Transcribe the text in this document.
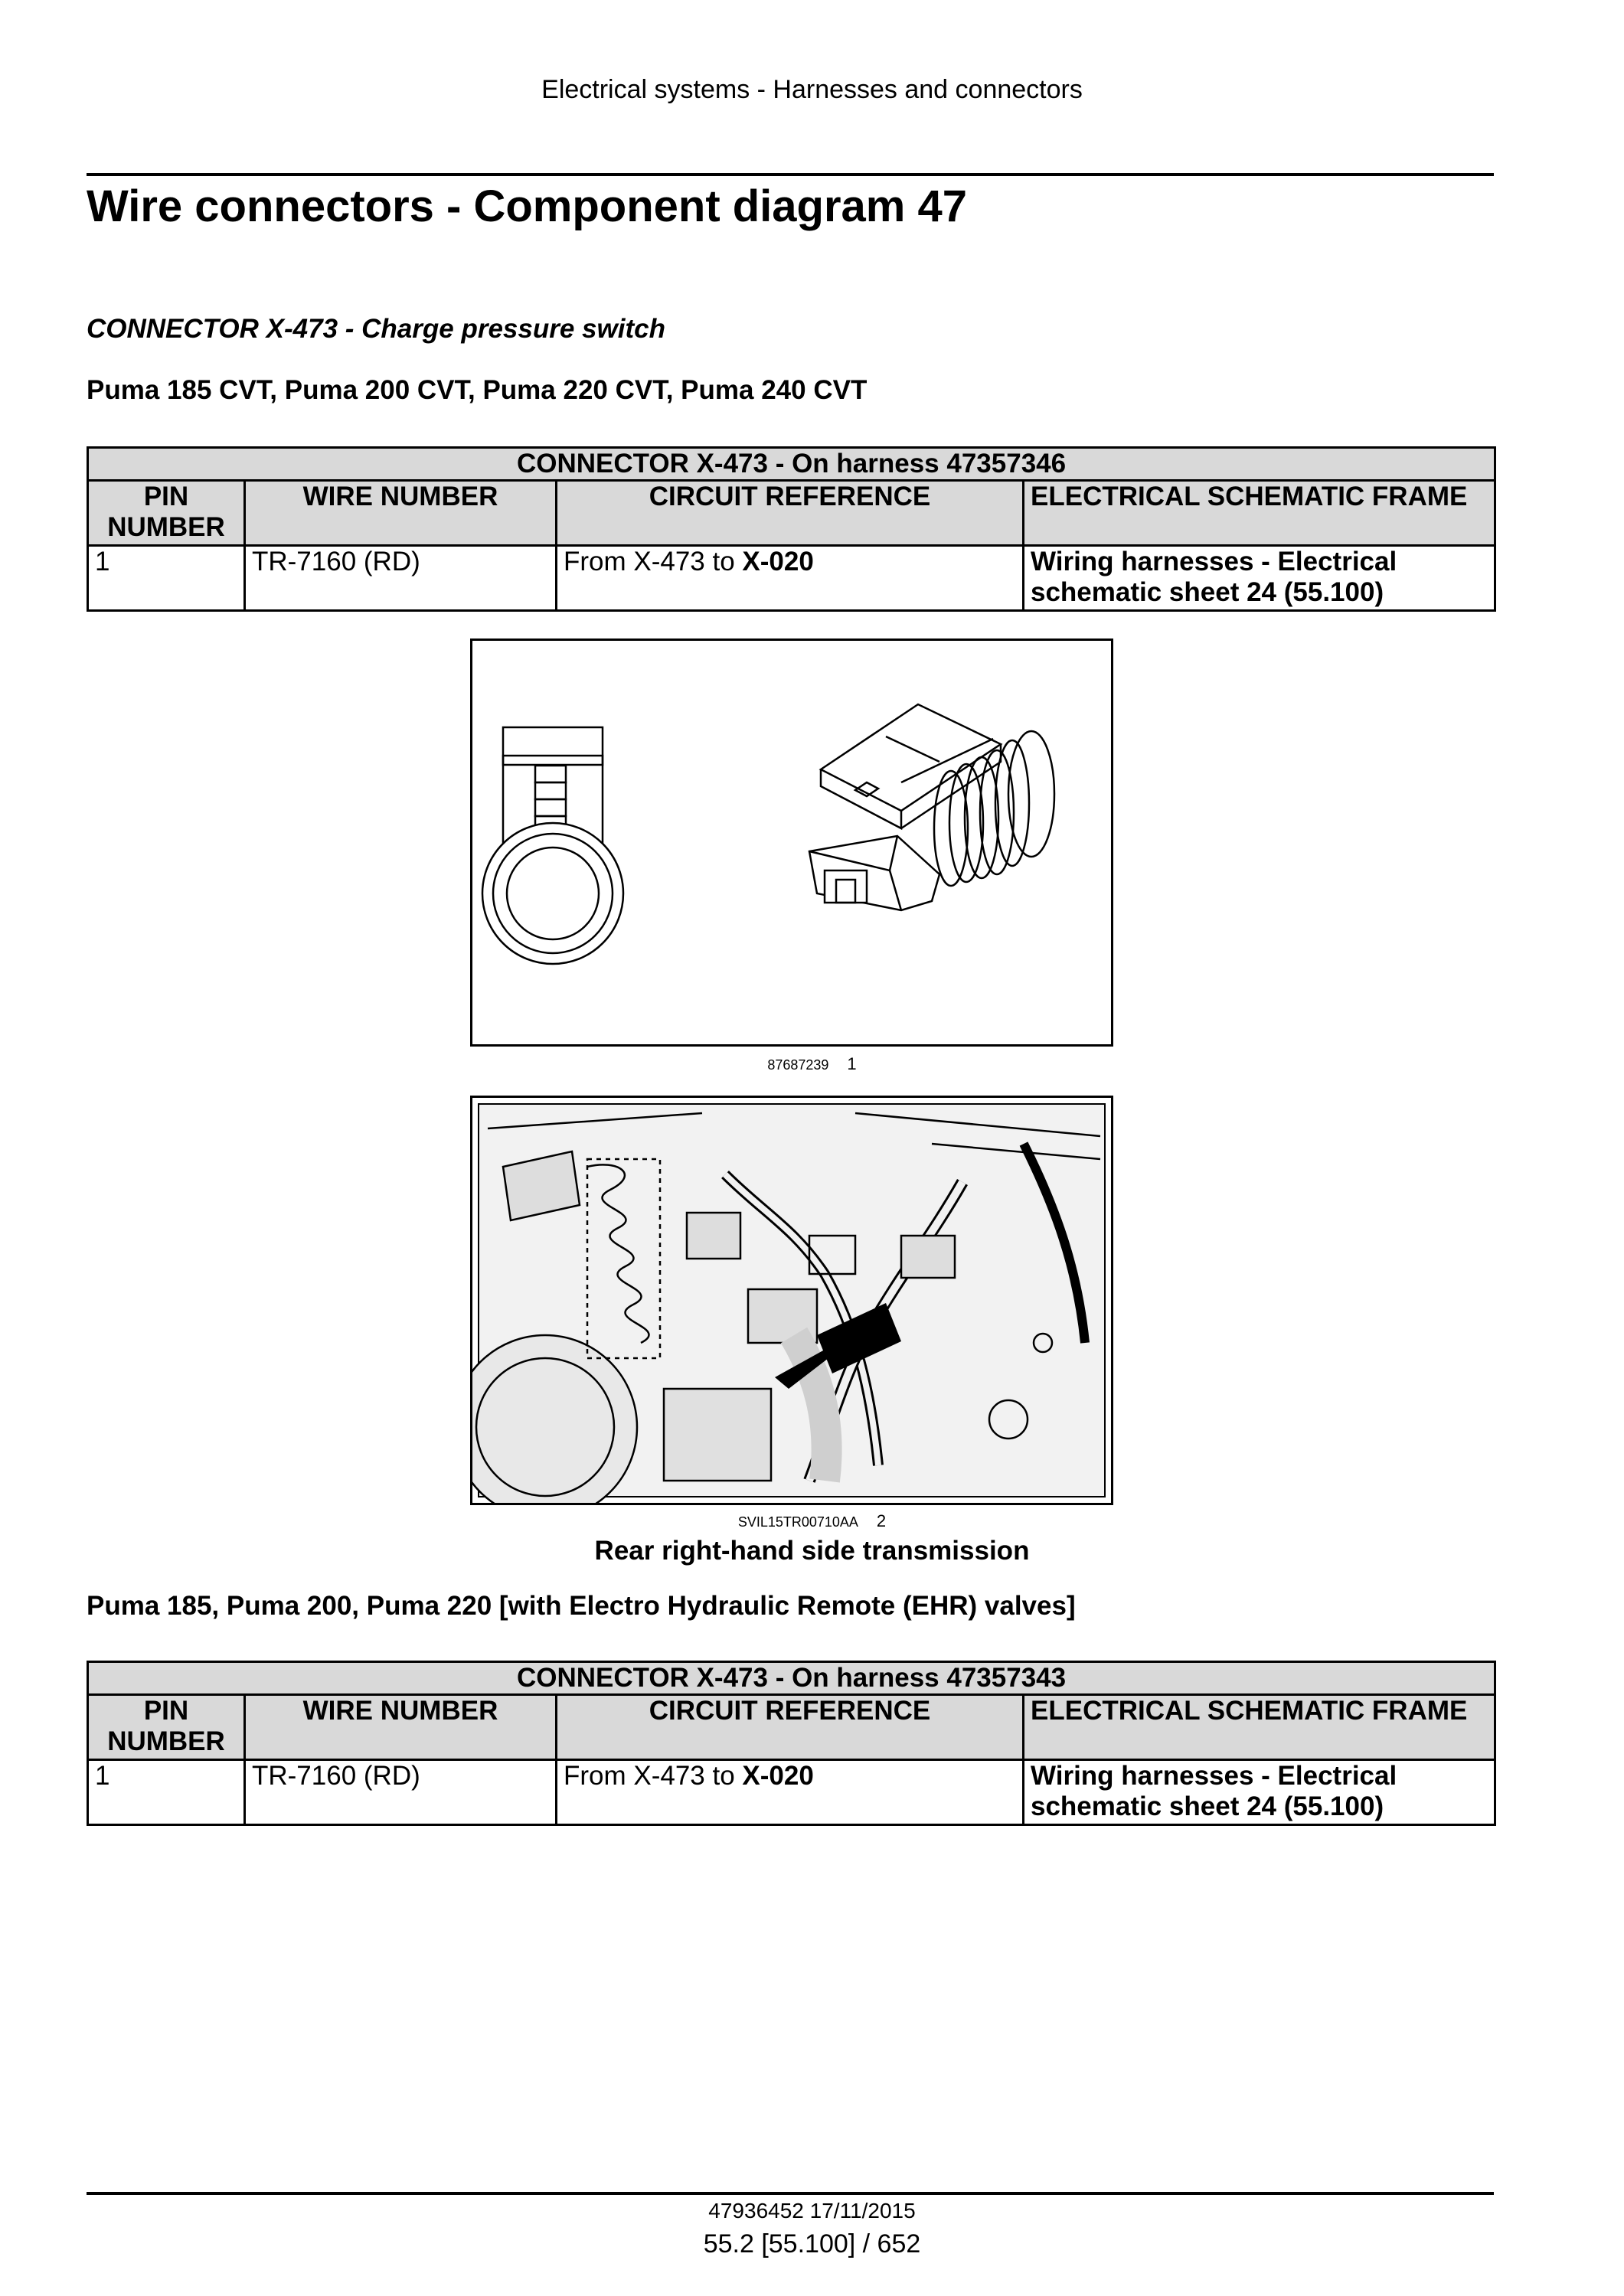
Electrical systems - Harnesses and connectors
Wire connectors - Component diagram 47
CONNECTOR X-473 - Charge pressure switch
Puma 185 CVT, Puma 200 CVT, Puma 220 CVT, Puma 240 CVT
CONNECTOR X-473 - On harness 47357346			
PIN NUMBER	WIRE NUMBER	CIRCUIT REFERENCE	ELECTRICAL SCHEMATIC FRAME
1	TR-7160 (RD)	From X-473 to X-020	Wiring harnesses - Electrical schematic sheet 24 (55.100)
87687239 1
SVIL15TR00710AA 2
Rear right-hand side transmission
Puma 185, Puma 200, Puma 220 [with Electro Hydraulic Remote (EHR) valves]
CONNECTOR X-473 - On harness 47357343			
PIN NUMBER	WIRE NUMBER	CIRCUIT REFERENCE	ELECTRICAL SCHEMATIC FRAME
1	TR-7160 (RD)	From X-473 to X-020	Wiring harnesses - Electrical schematic sheet 24 (55.100)
47936452 17/11/2015
55.2 [55.100] / 652
